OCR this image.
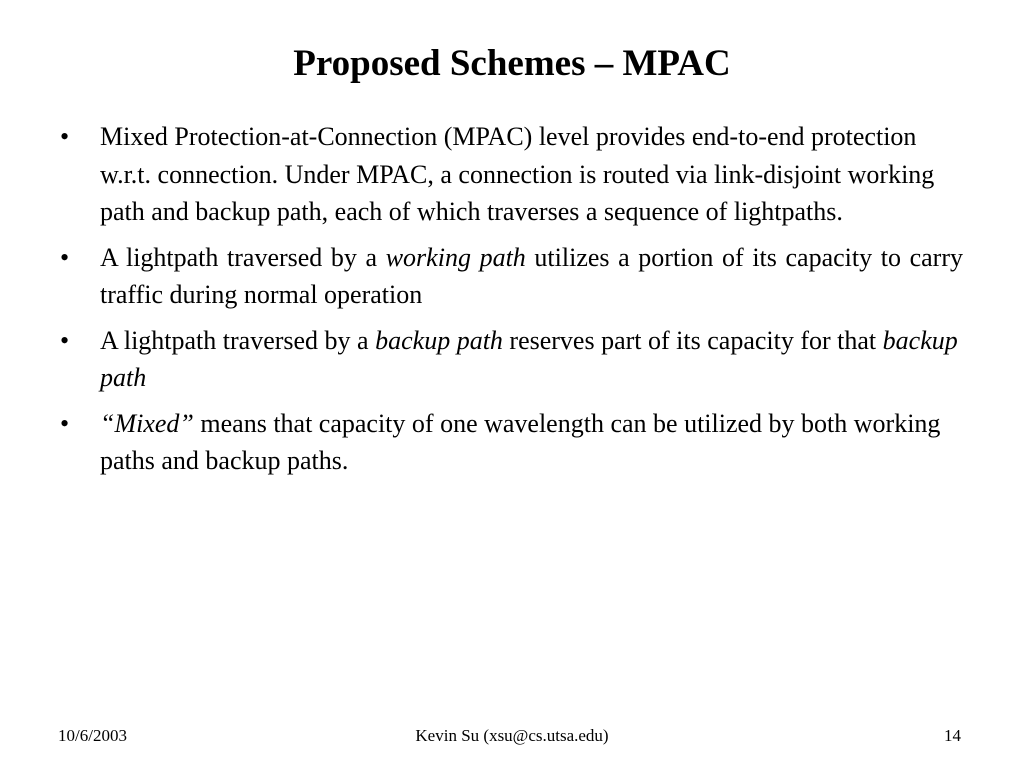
Proposed Schemes – MPAC
•	Mixed Protection-at-Connection (MPAC) level provides end-to-end protection w.r.t. connection. Under MPAC, a connection is routed via link-disjoint working path and backup path, each of which traverses a sequence of lightpaths.
•	A lightpath traversed by a working path utilizes a portion of its capacity to carry traffic during normal operation
•	A lightpath traversed by a backup path reserves part of its capacity for that backup path
•	“Mixed” means that capacity of one wavelength can be utilized by both working paths and backup paths.
10/6/2003	Kevin Su (xsu@cs.utsa.edu)	14
